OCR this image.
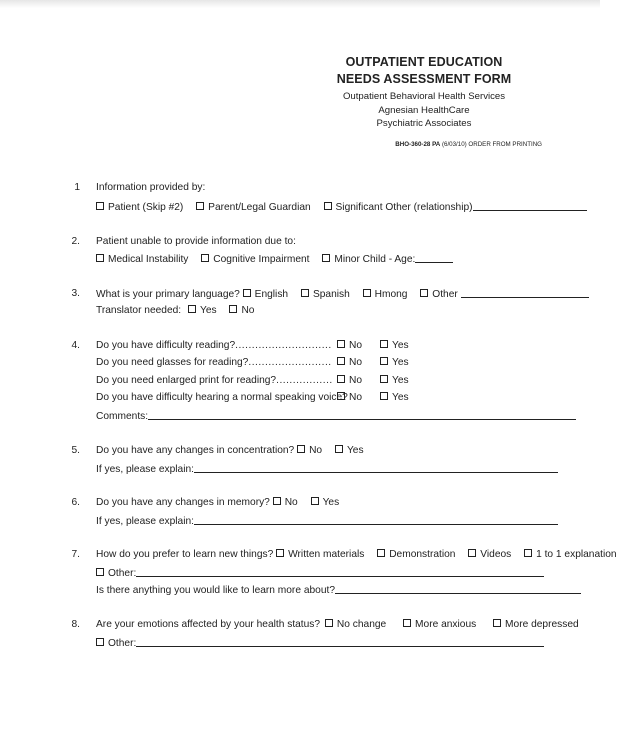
OUTPATIENT EDUCATION
NEEDS ASSESSMENT FORM
Outpatient Behavioral Health Services
Agnesian HealthCare
Psychiatric Associates
BHO-360-28 PA (6/03/10) ORDER FROM PRINTING
1 Information provided by:
Patient (Skip #2) Parent/Legal Guardian Significant Other (relationship)
2. Patient unable to provide information due to:
Medical Instability Cognitive Impairment Minor Child - Age:
3. What is your primary language? English Spanish Hmong Other
Translator needed: Yes No
4. Do you have difficulty reading?.............................	No	Yes
Do you need glasses for reading?.........................	No	Yes
Do you need enlarged print for reading?.................	No	Yes
Do you have difficulty hearing a normal speaking voice? No	Yes
Comments:
5. Do you have any changes in concentration? No Yes
If yes, please explain:
6. Do you have any changes in memory? No Yes
If yes, please explain:
7. How do you prefer to learn new things? Written materials Demonstration Videos 1 to 1 explanation
Other:
Is there anything you would like to learn more about?
8. Are your emotions affected by your health status? No change	More anxious	More depressed
Other:
